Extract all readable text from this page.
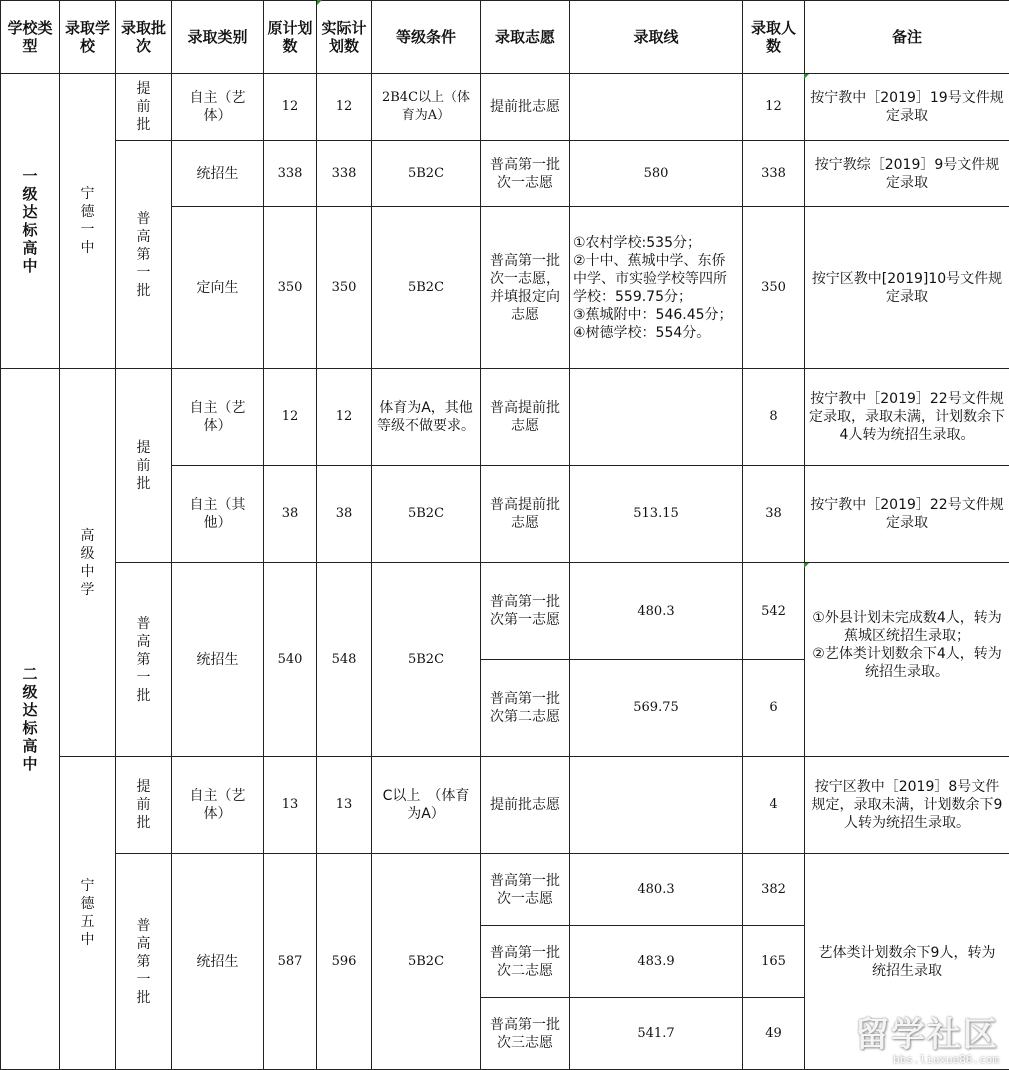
学校类型	录取学校	录取批次	录取类别	原计划数	实际计划数	等级条件	录取志愿	录取线	录取人数	备注

一级达标高中	宁德一中	提前批	自主（艺体）	12	12	2B4C以上（体育为A）	提前批志愿		12	按宁教中［2019］19号文件规定录取

		普高第一批	统招生	338	338	5B2C	普高第一批次一志愿	580	338	按宁教综［2019］9号文件规定录取

			定向生	350	350	5B2C	普高第一批次一志愿，并填报定向志愿	①农村学校:535分；
②十中、蕉城中学、东侨中学、市实验学校等四所学校：559.75分；
③蕉城附中：546.45分；
④树德学校：554分。	350	按宁区教中[2019]10号文件规定录取

二级达标高中	高级中学	提前批	自主（艺体）	12	12	体育为A，其他等级不做要求。	普高提前批志愿		8	按宁教中［2019］22号文件规定录取，录取未满，计划数余下4人转为统招生录取。

			自主（其他）	38	38	5B2C	普高提前批志愿	513.15	38	按宁教中［2019］22号文件规定录取

		普高第一批	统招生	540	548	5B2C	普高第一批次第一志愿	480.3	542	①外县计划未完成数4人，转为蕉城区统招生录取；
②艺体类计划数余下4人，转为统招生录取。

							普高第一批次第二志愿	569.75	6	

	宁德五中	提前批	自主（艺体）	13	13	C以上　（体育为A）	提前批志愿		4	按宁区教中［2019］8号文件规定，录取未满，计划数余下9人转为统招生录取。

		普高第一批	统招生	587	596	5B2C	普高第一批次一志愿	480.3	382	艺体类计划数余下9人，转为统招生录取

							普高第一批次二志愿	483.9	165	

							普高第一批次三志愿	541.7	49	留学社区
bbs.liuxue86.com
